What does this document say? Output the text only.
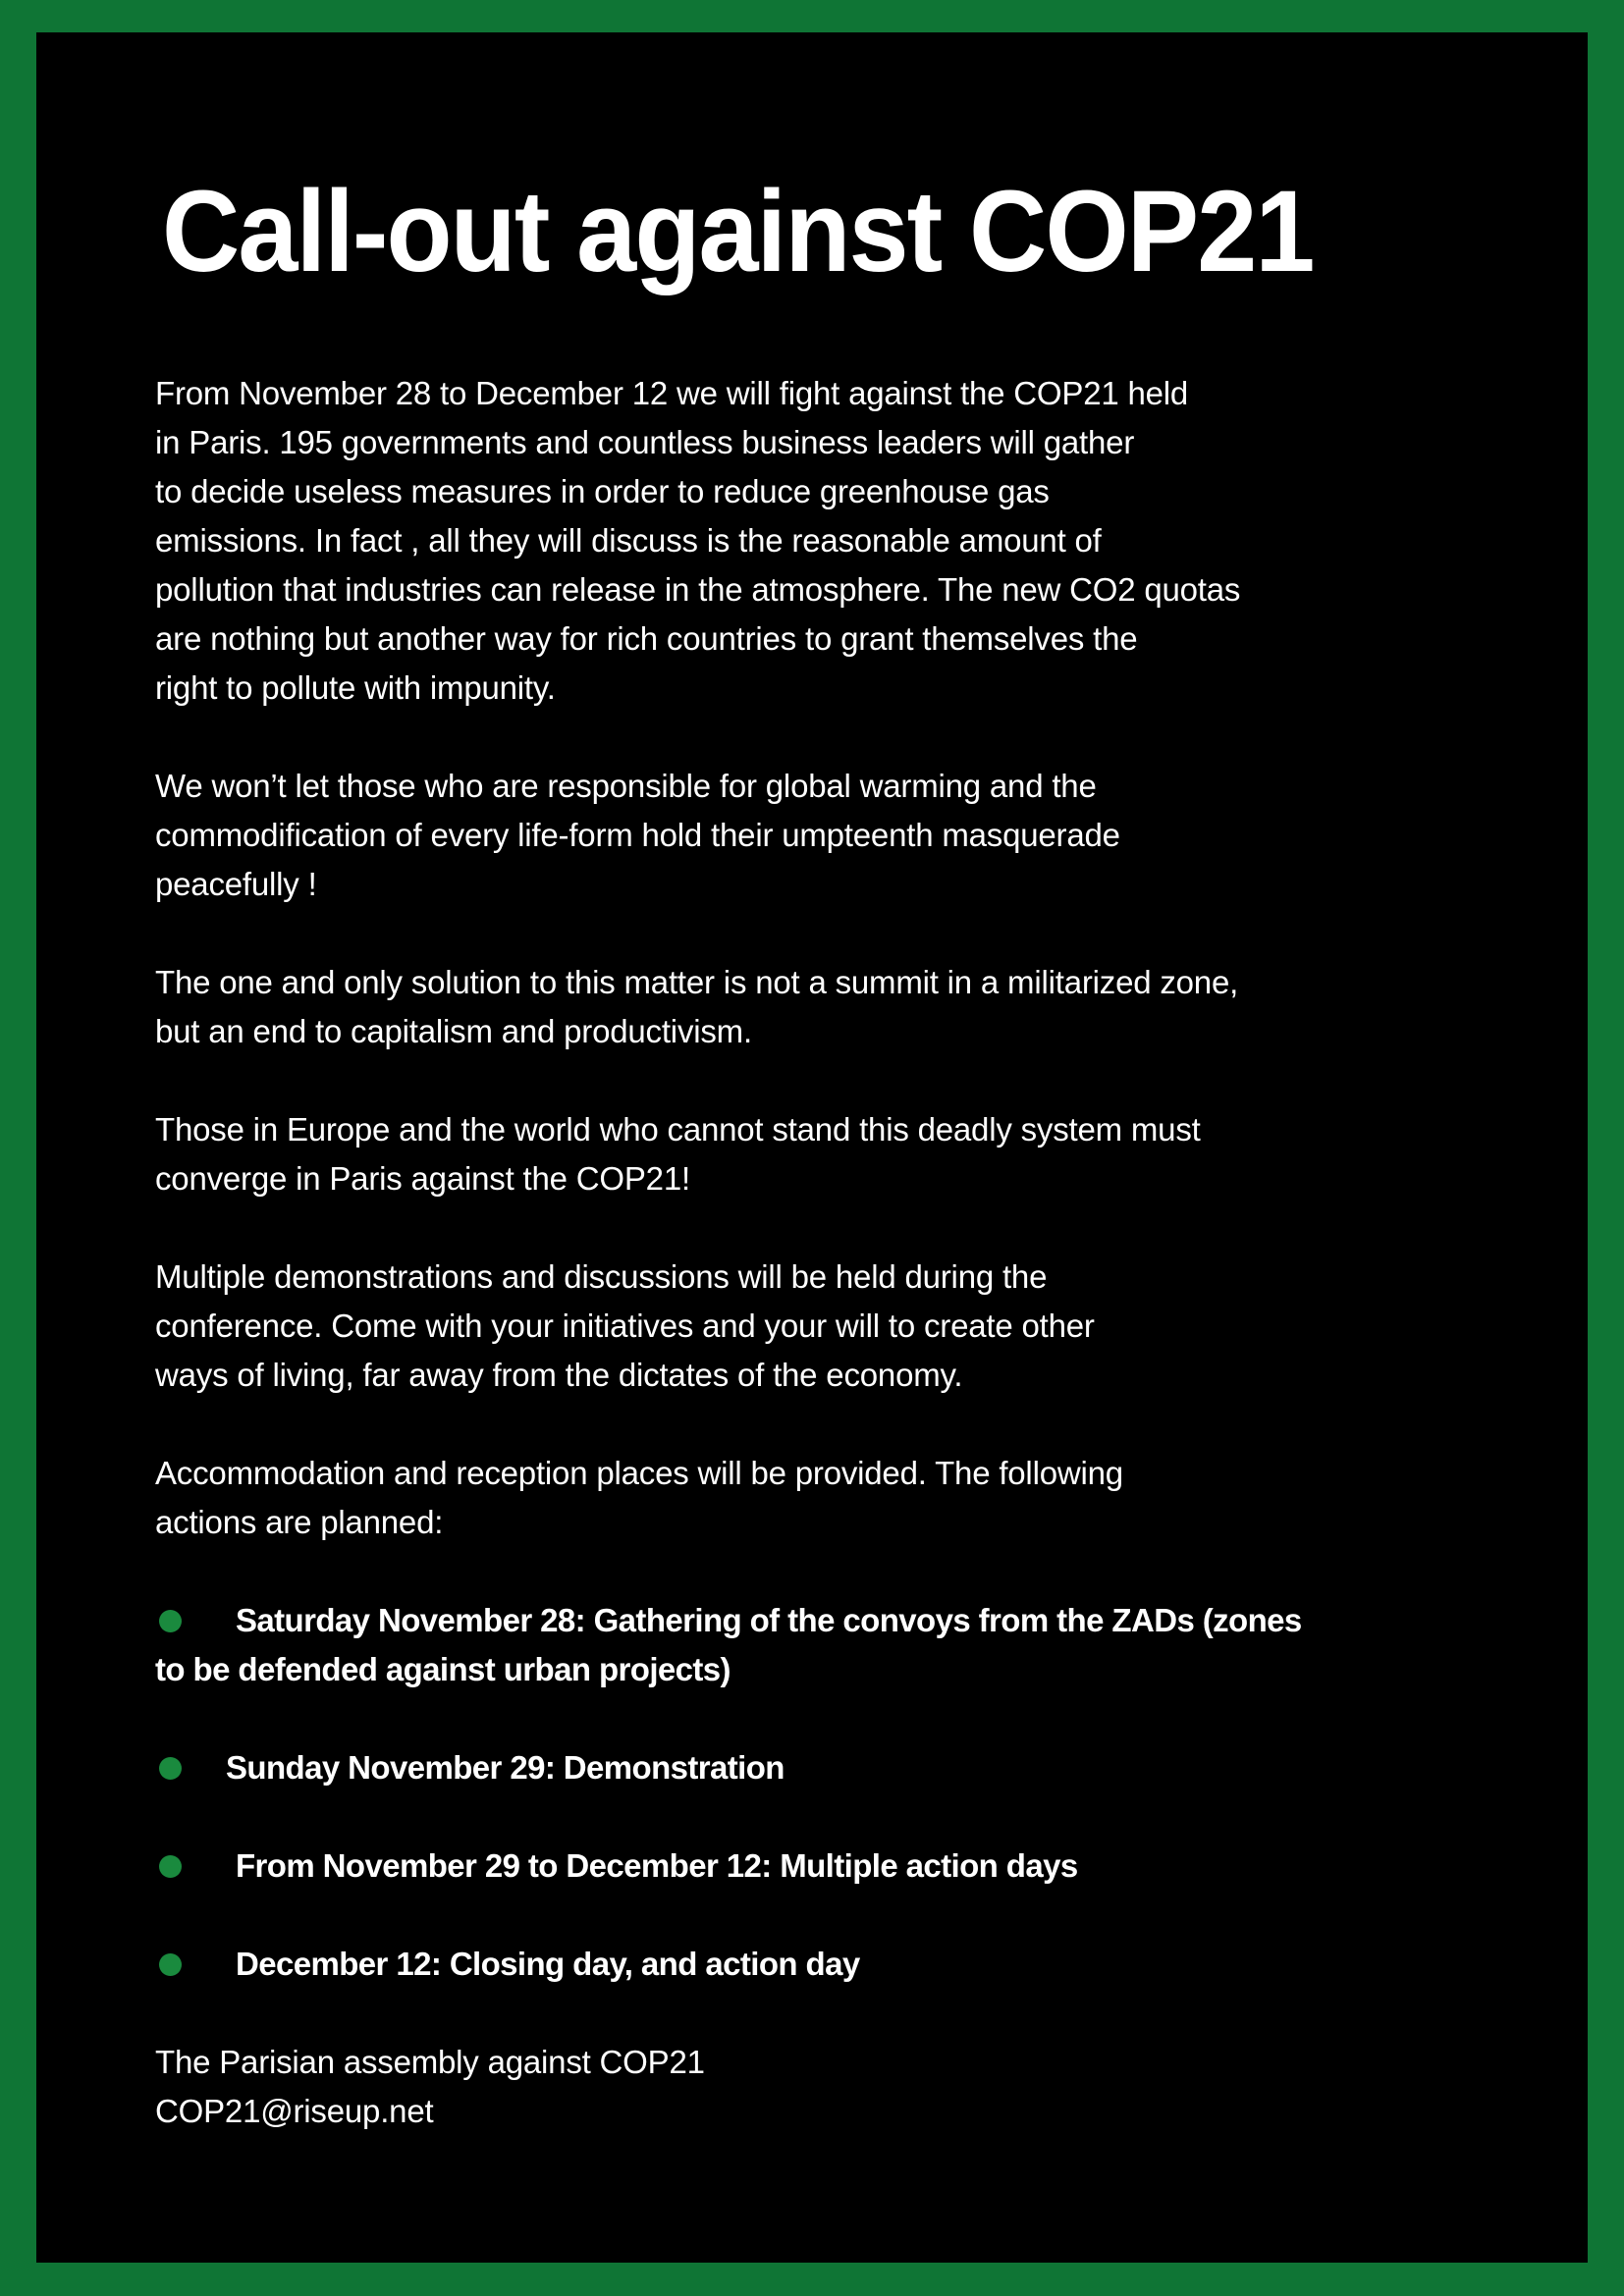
Call-out against COP21

From November 28 to December 12 we will fight against the COP21 held
in Paris. 195 governments and countless business leaders will gather
to decide useless measures in order to reduce greenhouse gas
emissions. In fact , all they will discuss is the reasonable amount of
pollution that industries can release in the atmosphere. The new CO2 quotas
are nothing but another way for rich countries to grant themselves the
right to pollute with impunity.

We won’t let those who are responsible for global warming and the
commodification of every life-form hold their umpteenth masquerade
peacefully !

The one and only solution to this matter is not a summit in a militarized zone,
but an end to capitalism and productivism.

Those in Europe and the world who cannot stand this deadly system must
converge in Paris against the COP21!

Multiple demonstrations and discussions will be held during the
conference. Come with your initiatives and your will to create other
ways of living, far away from the dictates of the economy.

Accommodation and reception places will be provided. The following
actions are planned:

Saturday November 28: Gathering of the convoys from the ZADs (zones
to be defended against urban projects)
Sunday November 29: Demonstration
From November 29 to December 12: Multiple action days
December 12: Closing day, and action day
The Parisian assembly against COP21
COP21@riseup.net
